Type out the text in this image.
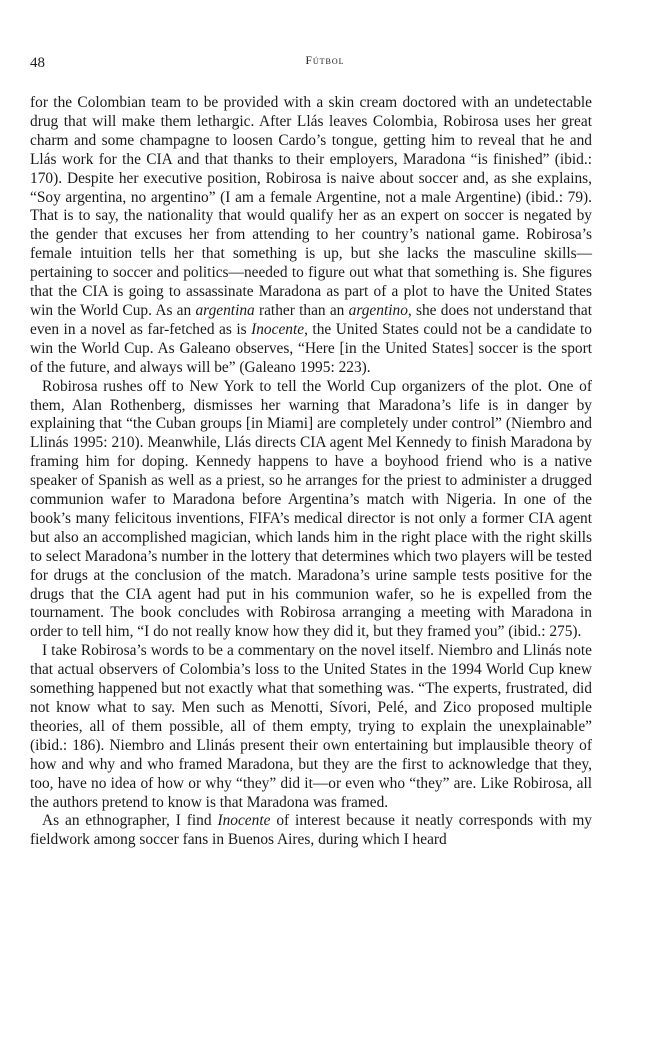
48	Fútbol

for the Colombian team to be provided with a skin cream doctored with an undetectable drug that will make them lethargic. After Llás leaves Colombia, Robirosa uses her great charm and some champagne to loosen Cardo’s tongue, getting him to reveal that he and Llás work for the CIA and that thanks to their employers, Maradona “is finished” (ibid.: 170). Despite her executive position, Robirosa is naive about soccer and, as she explains, “Soy argentina, no argentino” (I am a female Argentine, not a male Argentine) (ibid.: 79). That is to say, the nationality that would qualify her as an expert on soccer is negated by the gender that excuses her from attending to her country’s national game. Robirosa’s female intuition tells her that something is up, but she lacks the masculine skills—pertaining to soccer and politics—needed to figure out what that something is. She figures that the CIA is going to assassinate Maradona as part of a plot to have the United States win the World Cup. As an argentina rather than an argentino, she does not understand that even in a novel as far-fetched as is Inocente, the United States could not be a candidate to win the World Cup. As Galeano observes, “Here [in the United States] soccer is the sport of the future, and always will be” (Galeano 1995: 223).

Robirosa rushes off to New York to tell the World Cup organizers of the plot. One of them, Alan Rothenberg, dismisses her warning that Maradona’s life is in danger by explaining that “the Cuban groups [in Miami] are completely under control” (Niembro and Llinás 1995: 210). Meanwhile, Llás directs CIA agent Mel Kennedy to finish Maradona by framing him for doping. Kennedy happens to have a boyhood friend who is a native speaker of Spanish as well as a priest, so he arranges for the priest to administer a drugged communion wafer to Maradona before Argentina’s match with Nigeria. In one of the book’s many felicitous inventions, FIFA’s medical director is not only a former CIA agent but also an accomplished magician, which lands him in the right place with the right skills to select Maradona’s number in the lottery that determines which two players will be tested for drugs at the conclusion of the match. Maradona’s urine sample tests positive for the drugs that the CIA agent had put in his communion wafer, so he is expelled from the tournament. The book concludes with Robirosa arranging a meeting with Maradona in order to tell him, “I do not really know how they did it, but they framed you” (ibid.: 275).

I take Robirosa’s words to be a commentary on the novel itself. Niembro and Llinás note that actual observers of Colombia’s loss to the United States in the 1994 World Cup knew something happened but not exactly what that something was. “The experts, frustrated, did not know what to say. Men such as Menotti, Sívori, Pelé, and Zico proposed multiple theories, all of them possible, all of them empty, trying to explain the unexplainable” (ibid.: 186). Niembro and Llinás present their own entertaining but implausible theory of how and why and who framed Maradona, but they are the first to acknowledge that they, too, have no idea of how or why “they” did it—or even who “they” are. Like Robirosa, all the authors pretend to know is that Maradona was framed.

As an ethnographer, I find Inocente of interest because it neatly corresponds with my fieldwork among soccer fans in Buenos Aires, during which I heard
